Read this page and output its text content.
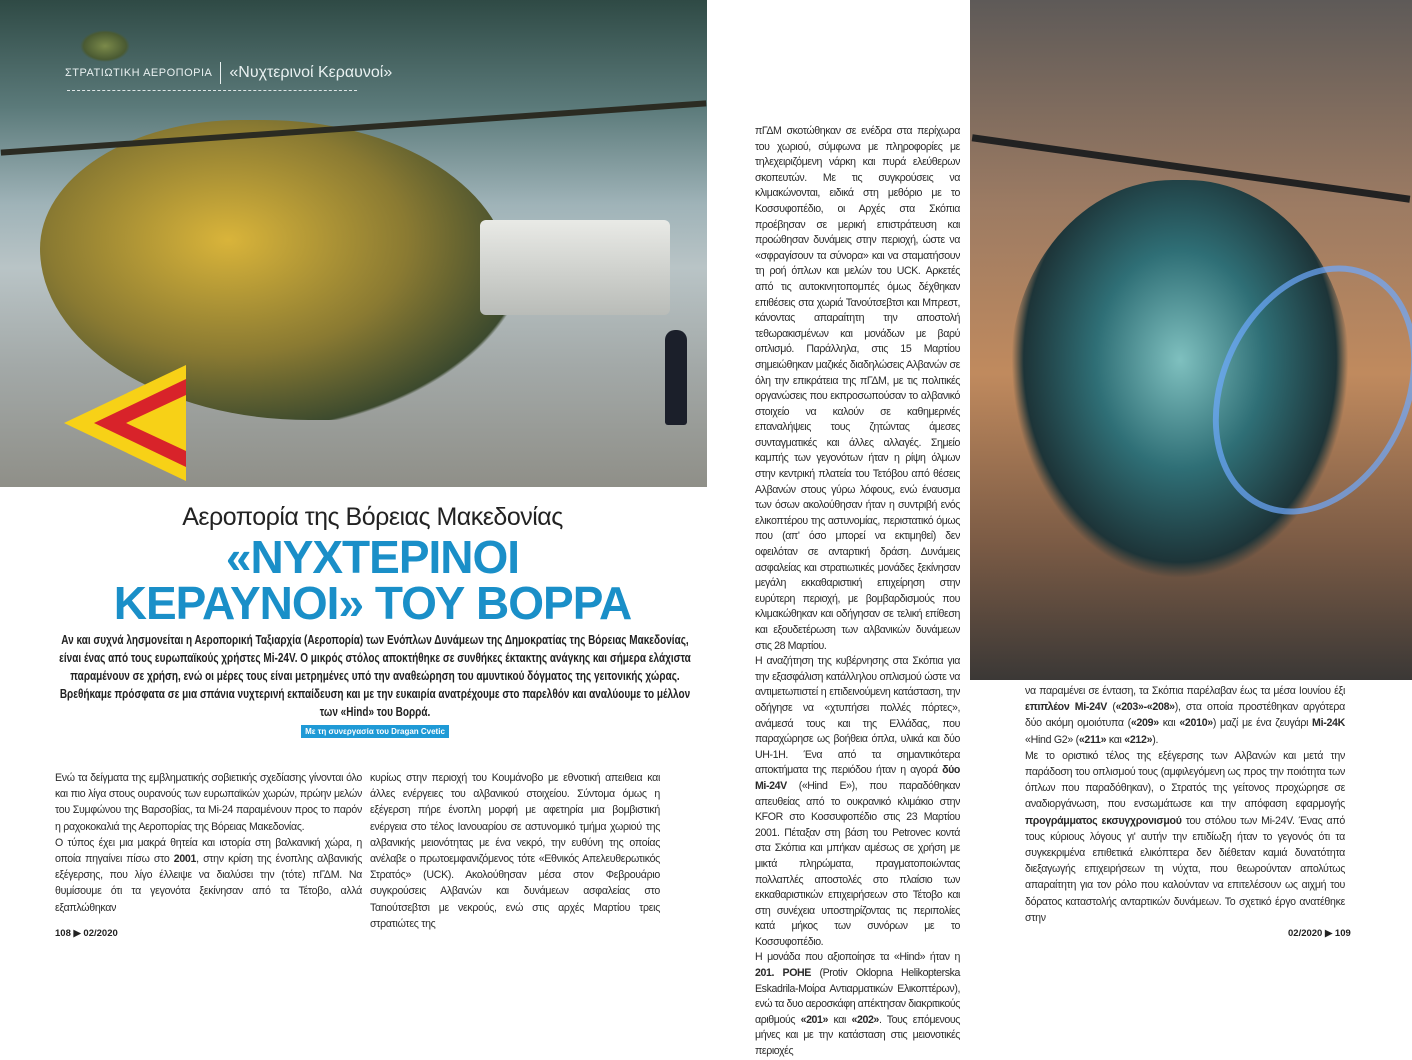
ΣΤΡΑΤΙΩΤΙΚΗ ΑΕΡΟΠΟΡΙΑ «Νυχτερινοί Κεραυνοί»
Αεροπορία της Βόρειας Μακεδονίας
«ΝΥΧΤΕΡΙΝΟΙ
ΚΕΡΑΥΝΟΙ» ΤΟΥ ΒΟΡΡΑ
Αν και συχνά λησμονείται η Αεροπορική Ταξιαρχία (Αεροπορία) των Ενόπλων Δυνάμεων της Δημοκρατίας της Βόρειας Μακεδονίας, είναι ένας από τους ευρωπαϊκούς χρήστες Mi-24V. Ο μικρός στόλος αποκτήθηκε σε συνθήκες έκτακτης ανάγκης και σήμερα ελάχιστα παραμένουν σε χρήση, ενώ οι μέρες τους είναι μετρημένες υπό την αναθεώρηση του αμυντικού δόγματος της γειτονικής χώρας. Βρεθήκαμε πρόσφατα σε μια σπάνια νυχτερινή εκπαίδευση και με την ευκαιρία ανατρέχουμε στο παρελθόν και αναλύουμε το μέλλον των «Hind» του Βορρά.
Με τη συνεργασία του Dragan Cvetic

Ενώ τα δείγματα της εμβληματικής σοβιετικής σχεδίασης γίνονται όλο και πιο λίγα στους ουρανούς των ευρωπαϊκών χωρών, πρώην μελών του Συμφώνου της Βαρσοβίας, τα Mi-24 παραμένουν προς το παρόν η ραχοκοκαλιά της Αεροπορίας της Βόρειας Μακεδονίας.

Ο τύπος έχει μια μακρά θητεία και ιστορία στη βαλκανική χώρα, η οποία πηγαίνει πίσω στο 2001, στην κρίση της ένοπλης αλβανικής εξέγερσης, που λίγο έλλειψε να διαλύσει την (τότε) πΓΔΜ. Να θυμίσουμε ότι τα γεγονότα ξεκίνησαν από τα Τέτοβο, αλλά εξαπλώθηκαν

κυρίως στην περιοχή του Κουμάνοβο με εθνοτική απειθεια και άλλες ενέργειες του αλβανικού στοιχείου. Σύντομα όμως η εξέγερση πήρε ένοπλη μορφή με αφετηρία μια βομβιστική ενέργεια στο τέλος Ιανουαρίου σε αστυνομικό τμήμα χωριού της αλβανικής μειονότητας με ένα νεκρό, την ευθύνη της οποίας ανέλαβε ο πρωτοεμφανιζόμενος τότε «Εθνικός Απελευθερωτικός Στρατός» (UCK). Ακολούθησαν μέσα στον Φεβρουάριο συγκρούσεις Αλβανών και δυνάμεων ασφαλείας στο Ταnούτσεβτσι με νεκρούς, ενώ στις αρχές Μαρτίου τρεις στρατιώτες της

πΓΔΜ σκοτώθηκαν σε ενέδρα στα περίχωρα του χωριού, σύμφωνα με πληροφορίες με τηλεχειριζόμενη νάρκη και πυρά ελεύθερων σκοπευτών. Με τις συγκρούσεις να κλιμακώνονται, ειδικά στη μεθόριο με το Κοσσυφοπέδιο, οι Αρχές στα Σκόπια προέβησαν σε μερική επιστράτευση και προώθησαν δυνάμεις στην περιοχή, ώστε να «σφραγίσουν τα σύνορα» και να σταματήσουν τη ροή όπλων και μελών του UCK. Αρκετές από τις αυτοκινητοπομπές όμως δέχθηκαν επιθέσεις στα χωριά Τανούτσεβτσι και Μπρεστ, κάνοντας απαραίτητη την αποστολή τεθωρακισμένων και μονάδων με βαρύ οπλισμό. Παράλληλα, στις 15 Μαρτίου σημειώθηκαν μαζικές διαδηλώσεις Αλβανών σε όλη την επικράτεια της πΓΔΜ, με τις πολιτικές οργανώσεις που εκπροσωπούσαν το αλβανικό στοιχείο να καλούν σε καθημερινές επαναλήψεις τους ζητώντας άμεσες συνταγματικές και άλλες αλλαγές. Σημείο καμπής των γεγονότων ήταν η ρίψη όλμων στην κεντρική πλατεία του Τετόβου από θέσεις Αλβανών στους γύρω λόφους, ενώ έναυσμα των όσων ακολούθησαν ήταν η συντριβή ενός ελικοπτέρου της αστυνομίας, περιστατικό όμως που (απ' όσο μπορεί να εκτιμηθεί) δεν οφειλόταν σε ανταρτική δράση. Δυνάμεις ασφαλείας και στρατιωτικές μονάδες ξεκίνησαν μεγάλη εκκαθαριστική επιχείρηση στην ευρύτερη περιοχή, με βομβαρδισμούς που κλιμακώθηκαν και οδήγησαν σε τελική επίθεση και εξουδετέρωση των αλβανικών δυνάμεων στις 28 Μαρτίου.

Η αναζήτηση της κυβέρνησης στα Σκόπια για την εξασφάλιση κατάλληλου οπλισμού ώστε να αντιμετωπιστεί η επιδεινούμενη κατάσταση, την οδήγησε να «χτυπήσει πολλές πόρτες», ανάμεσά τους και της Ελλάδας, που παραχώρησε ως βοήθεια όπλα, υλικά και δύο UH-1H. Ένα από τα σημαντικότερα αποκτήματα της περιόδου ήταν η αγορά δύο Mi-24V («Hind E»), που παραδόθηκαν απευθείας από το ουκρανικό κλιμάκιο στην KFOR στο Κοσσυφοπέδιο στις 23 Μαρτίου 2001. Πέταξαν στη βάση του Petrovec κοντά στα Σκόπια και μπήκαν αμέσως σε χρήση με μικτά πληρώματα, πραγματοποιώντας πολλαπλές αποστολές στο πλαίσιο των εκκαθαριστικών επιχειρήσεων στο Τέτοβο και στη συνέχεια υποστηρίζοντας τις περιπολίες κατά μήκος των συνόρων με το Κοσσυφοπέδιο.

Η μονάδα που αξιοποίησε τα «Hind» ήταν η 201. POHE (Protiv Oklopna Helikopterska Eskadrila-Μοίρα Αντιαρματικών Ελικοπτέρων), ενώ τα δυο αεροσκάφη απέκτησαν διακριτικούς αριθμούς «201» και «202». Τους επόμενους μήνες και με την κατάσταση στις μειονοτικές περιοχές

να παραμένει σε ένταση, τα Σκόπια παρέλαβαν έως τα μέσα Ιουνίου έξι επιπλέον Mi-24V («203»-«208»), στα οποία προστέθηκαν αργότερα δύο ακόμη ομοιότυπα («209» και «2010») μαζί με ένα ζευγάρι Mi-24K «Hind G2» («211» και «212»).

Με το οριστικό τέλος της εξέγερσης των Αλβανών και μετά την παράδοση του οπλισμού τους (αμφιλεγόμενη ως προς την ποιότητα των όπλων που παραδόθηκαν), ο Στρατός της γείτονος προχώρησε σε αναδιοργάνωση, που ενσωμάτωσε και την απόφαση εφαρμογής προγράμματος εκσυγχρονισμού του στόλου των Mi-24V. Ένας από τους κύριους λόγους γι' αυτήν την επιδίωξη ήταν το γεγονός ότι τα συγκεκριμένα επιθετικά ελικόπτερα δεν διέθεταν καμιά δυνατότητα διεξαγωγής επιχειρήσεων τη νύχτα, που θεωρούνταν απολύτως απαραίτητη για τον ρόλο που καλούνταν να επιτελέσουν ως αιχμή του δόρατος καταστολής ανταρτικών δυνάμεων. Το σχετικό έργο ανατέθηκε στην

108 ▶ 02/2020	02/2020 ▶ 109
